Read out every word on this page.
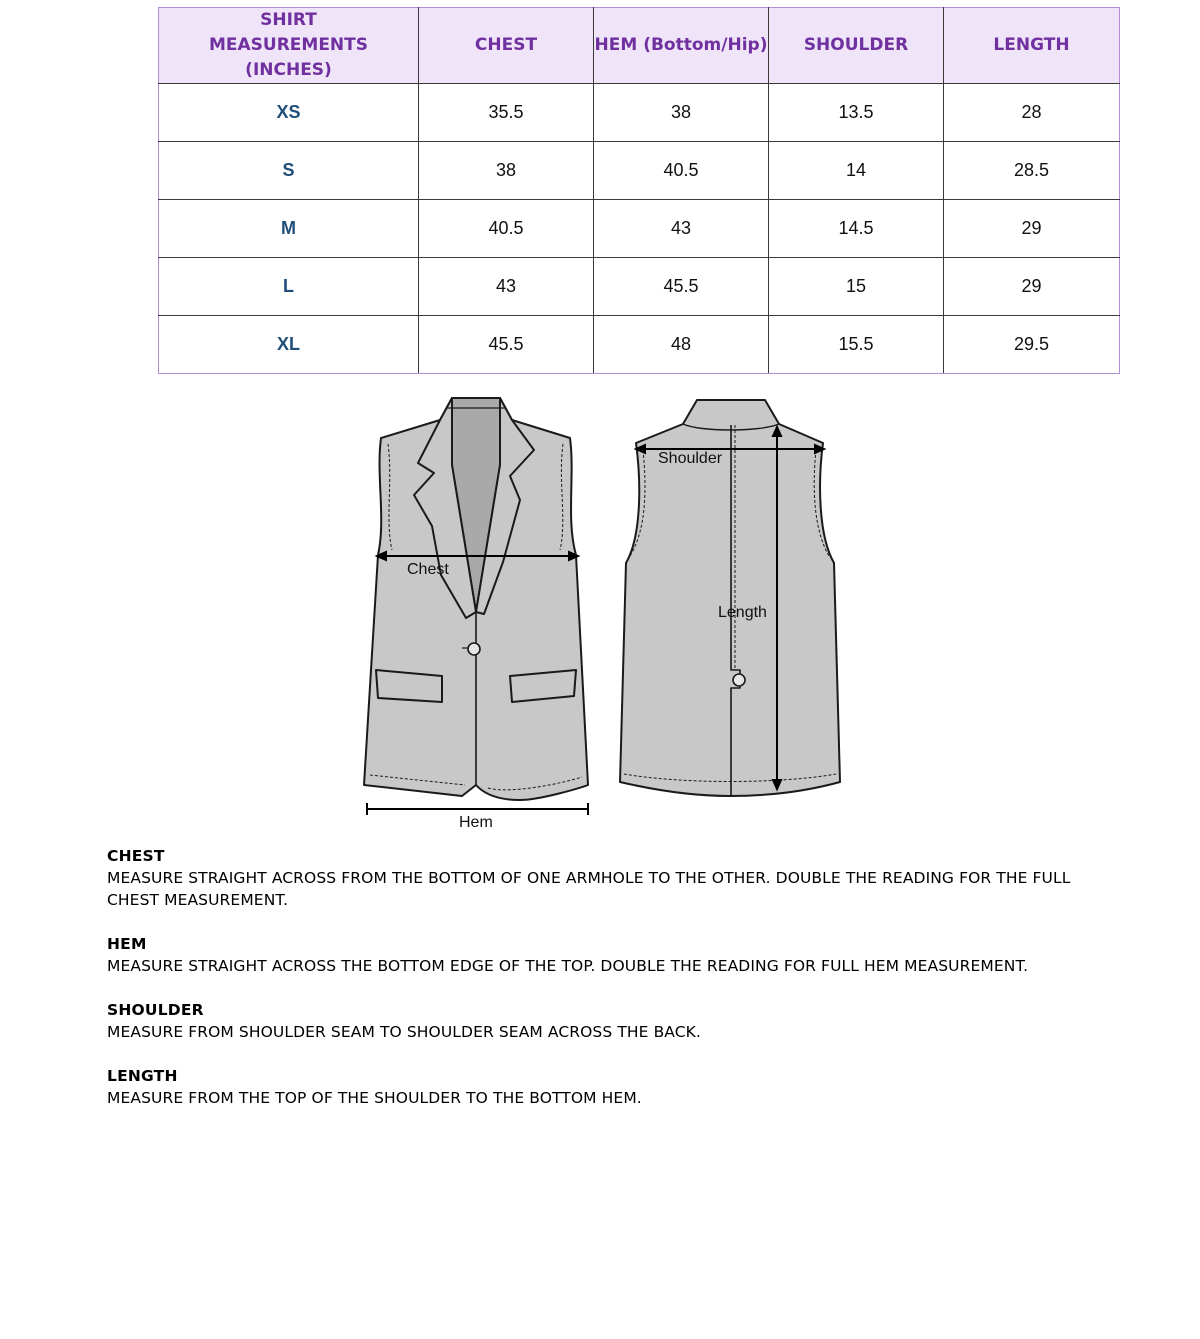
SHIRT MEASUREMENTS (INCHES)	CHEST	HEM (Bottom/Hip)	SHOULDER	LENGTH
XS	35.5	38	13.5	28
S	38	40.5	14	28.5
M	40.5	43	14.5	29
L	43	45.5	15	29
XL	45.5	48	15.5	29.5
Chest
Hem
Shoulder
Length
CHEST
MEASURE STRAIGHT ACROSS FROM THE BOTTOM OF ONE ARMHOLE TO THE OTHER. DOUBLE THE READING FOR THE FULL CHEST MEASUREMENT.
HEM
MEASURE STRAIGHT ACROSS THE BOTTOM EDGE OF THE TOP. DOUBLE THE READING FOR FULL HEM MEASUREMENT.
SHOULDER
MEASURE FROM SHOULDER SEAM TO SHOULDER SEAM ACROSS THE BACK.
LENGTH
MEASURE FROM THE TOP OF THE SHOULDER TO THE BOTTOM HEM.
